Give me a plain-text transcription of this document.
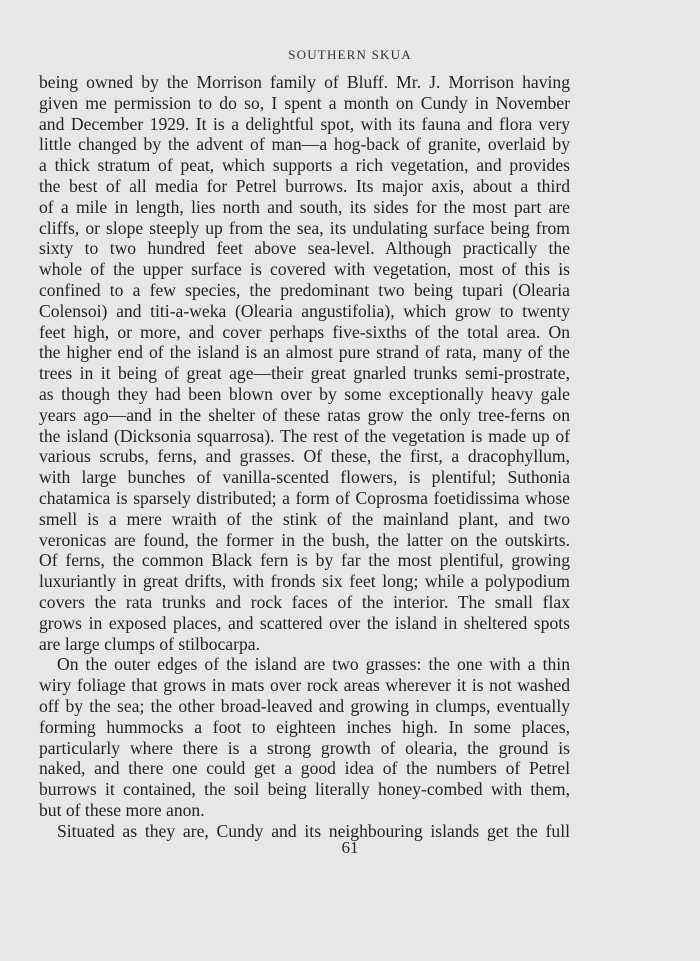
SOUTHERN SKUA
being owned by the Morrison family of Bluff. Mr. J. Morrison having
given me permission to do so, I spent a month on Cundy in November
and December 1929. It is a delightful spot, with its fauna and flora very
little changed by the advent of man—a hog-back of granite, overlaid by
a thick stratum of peat, which supports a rich vegetation, and provides
the best of all media for Petrel burrows. Its major axis, about a third
of a mile in length, lies north and south, its sides for the most part are
cliffs, or slope steeply up from the sea, its undulating surface being from
sixty to two hundred feet above sea-level. Although practically the
whole of the upper surface is covered with vegetation, most of this is
confined to a few species, the predominant two being tupari (Olearia
Colensoi) and titi-a-weka (Olearia angustifolia), which grow to twenty
feet high, or more, and cover perhaps five-sixths of the total area. On
the higher end of the island is an almost pure strand of rata, many of the
trees in it being of great age—their great gnarled trunks semi-prostrate,
as though they had been blown over by some exceptionally heavy gale
years ago—and in the shelter of these ratas grow the only tree-ferns on
the island (Dicksonia squarrosa). The rest of the vegetation is made up of
various scrubs, ferns, and grasses. Of these, the first, a dracophyllum,
with large bunches of vanilla-scented flowers, is plentiful; Suthonia
chatamica is sparsely distributed; a form of Coprosma foetidissima whose
smell is a mere wraith of the stink of the mainland plant, and two
veronicas are found, the former in the bush, the latter on the outskirts.
Of ferns, the common Black fern is by far the most plentiful, growing
luxuriantly in great drifts, with fronds six feet long; while a polypodium
covers the rata trunks and rock faces of the interior. The small flax
grows in exposed places, and scattered over the island in sheltered spots
are large clumps of stilbocarpa.
On the outer edges of the island are two grasses: the one with a thin
wiry foliage that grows in mats over rock areas wherever it is not washed
off by the sea; the other broad-leaved and growing in clumps, eventually
forming hummocks a foot to eighteen inches high. In some places,
particularly where there is a strong growth of olearia, the ground is
naked, and there one could get a good idea of the numbers of Petrel
burrows it contained, the soil being literally honey-combed with them,
but of these more anon.
Situated as they are, Cundy and its neighbouring islands get the full
61
